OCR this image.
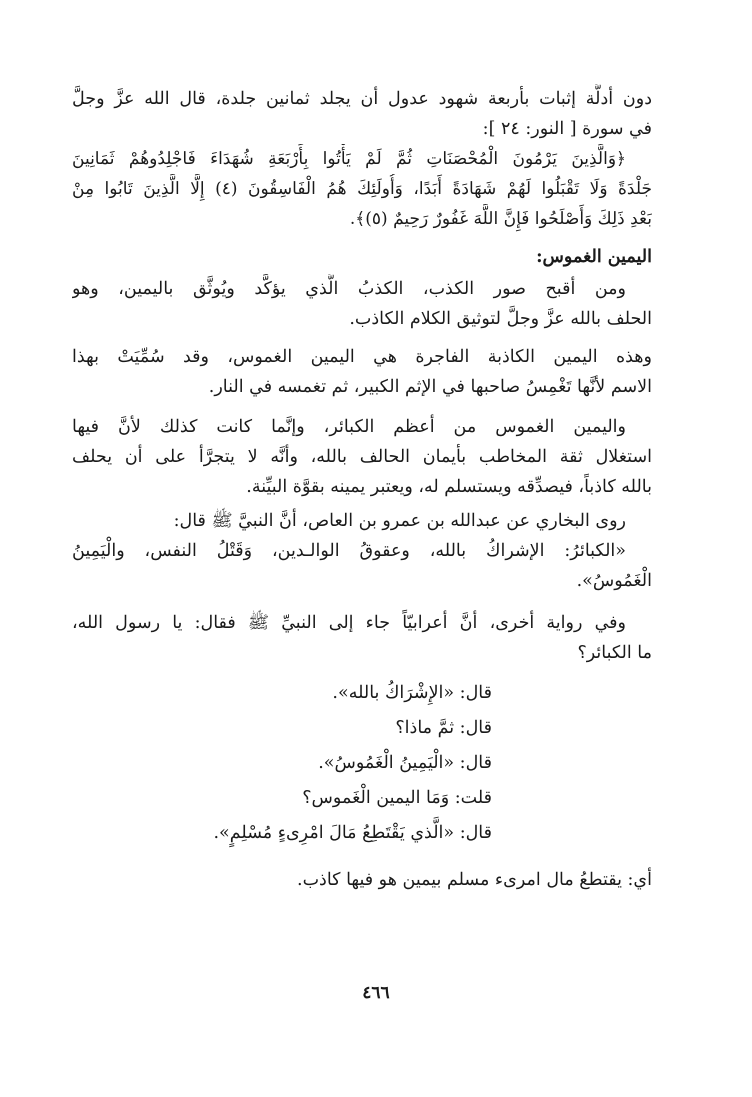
دون أدلَّة إثبات بأربعة شهود عدول أن يجلد ثمانين جلدة، قال الله عزَّ وجلَّ
في سورة [ النور: ٢٤ ]:
﴿وَالَّذِينَ يَرْمُونَ الْمُحْصَنَاتِ ثُمَّ لَمْ يَأْتُوا بِأَرْبَعَةِ شُهَدَاءَ فَاجْلِدُوهُمْ ثَمَانِينَ
جَلْدَةً وَلَا تَقْبَلُوا لَهُمْ شَهَادَةً أَبَدًا، وَأُولَئِكَ هُمُ الْفَاسِقُونَ (٤) إِلَّا الَّذِينَ تَابُوا مِنْ
بَعْدِ ذَلِكَ وَأَصْلَحُوا فَإِنَّ اللَّهَ غَفُورٌ رَحِيمٌ (٥)﴾.
اليمين الغموس:
ومن أقبح صور الكذب، الكذبُ الَّذي يؤكَّد ويُوثَّق باليمين، وهو
الحلف بالله عزَّ وجلَّ لتوثيق الكلام الكاذب.
وهذه اليمين الكاذبة الفاجرة هي اليمين الغموس، وقد سُمِّيَتْ بهذا
الاسم لأنَّها تَغْمِسُ صاحبها في الإثم الكبير، ثم تغمسه في النار.
واليمين الغموس من أعظم الكبائر، وإنَّما كانت كذلك لأنَّ فيها
استغلال ثقة المخاطب بأيمان الحالف بالله، وأنَّه لا يتجرَّأ على أن يحلف
بالله كاذباً، فيصدِّقه ويستسلم له، ويعتبر يمينه بقوَّة البيِّنة.
روى البخاري عن عبدالله بن عمرو بن العاص، أنَّ النبيَّ ﷺ قال:
«الكبائرُ: الإشراكُ بالله، وعقوقُ الوالـدين، وَقَتْلُ النفس، والْيَمِينُ
الْغَمُوسُ».
وفي رواية أخرى، أنَّ أعرابيّاً جاء إلى النبيِّ ﷺ فقال: يا رسول الله،
ما الكبائر؟
قال: «الإِشْرَاكُ بالله».
قال: ثمَّ ماذا؟
قال: «الْيَمِينُ الْغَمُوسُ».
قلت: وَمَا اليمين الْغَموس؟
قال: «الَّذي يَقْتَطِعُ مَالَ امْرِىءٍ مُسْلِمٍ».
أي: يقتطعُ مال امرىء مسلم بيمين هو فيها كاذب.
٤٦٦
